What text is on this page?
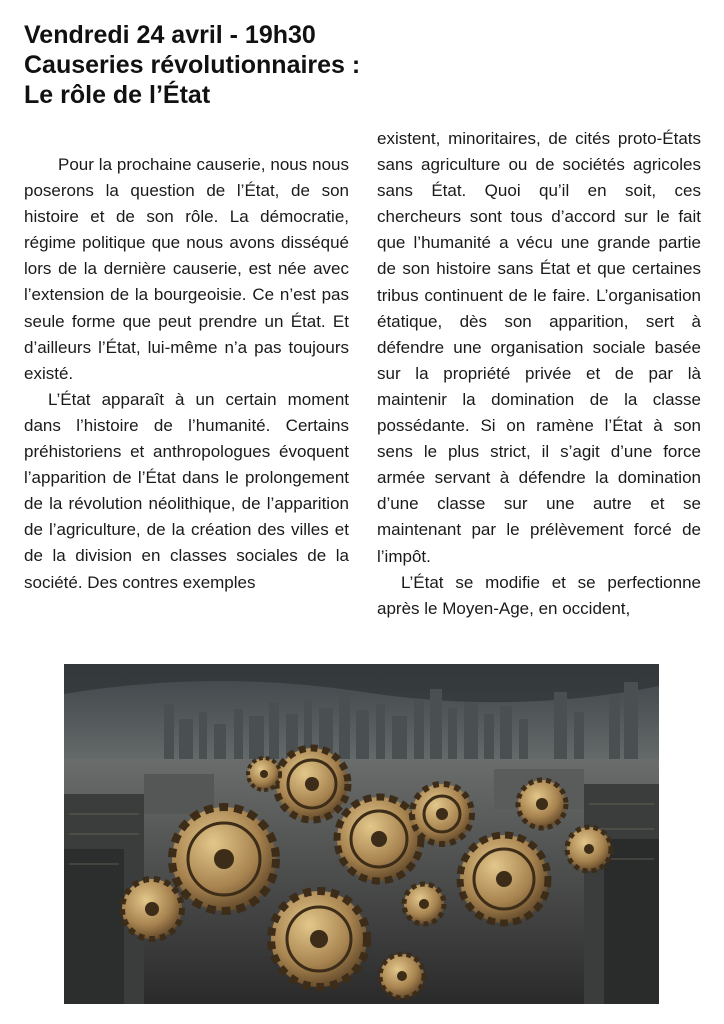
Vendredi 24 avril - 19h30
Causeries révolutionnaires :
Le rôle de l’État

Pour la prochaine causerie, nous nous poserons la question de l’État, de son histoire et de son rôle. La démocratie, régime politique que nous avons disséqué lors de la dernière causerie, est née avec l’extension de la bourgeoisie. Ce n’est pas seule forme que peut prendre un État. Et d’ailleurs l’État, lui-même n’a pas toujours existé.

L’État apparaît à un certain moment dans l’histoire de l’humanité. Certains préhistoriens et anthropologues évoquent l’apparition de l’État dans le prolongement de la révolution néolithique, de l’apparition de l’agriculture, de la création des villes et de la division en classes sociales de la société. Des contres exemples

existent, minoritaires, de cités proto-États sans agriculture ou de sociétés agricoles sans État. Quoi qu’il en soit, ces chercheurs sont tous d’accord sur le fait que l’humanité a vécu une grande partie de son histoire sans État et que certaines tribus continuent de le faire. L’organisation étatique, dès son apparition, sert à défendre une organisation sociale basée sur la propriété privée et de par là maintenir la domination de la classe possédante. Si on ramène l’État à son sens le plus strict, il s’agit d’une force armée servant à défendre la domination d’une classe sur une autre et se maintenant par le prélèvement forcé de l’impôt.

L’État se modifie et se perfectionne après le Moyen-Age, en occident,
